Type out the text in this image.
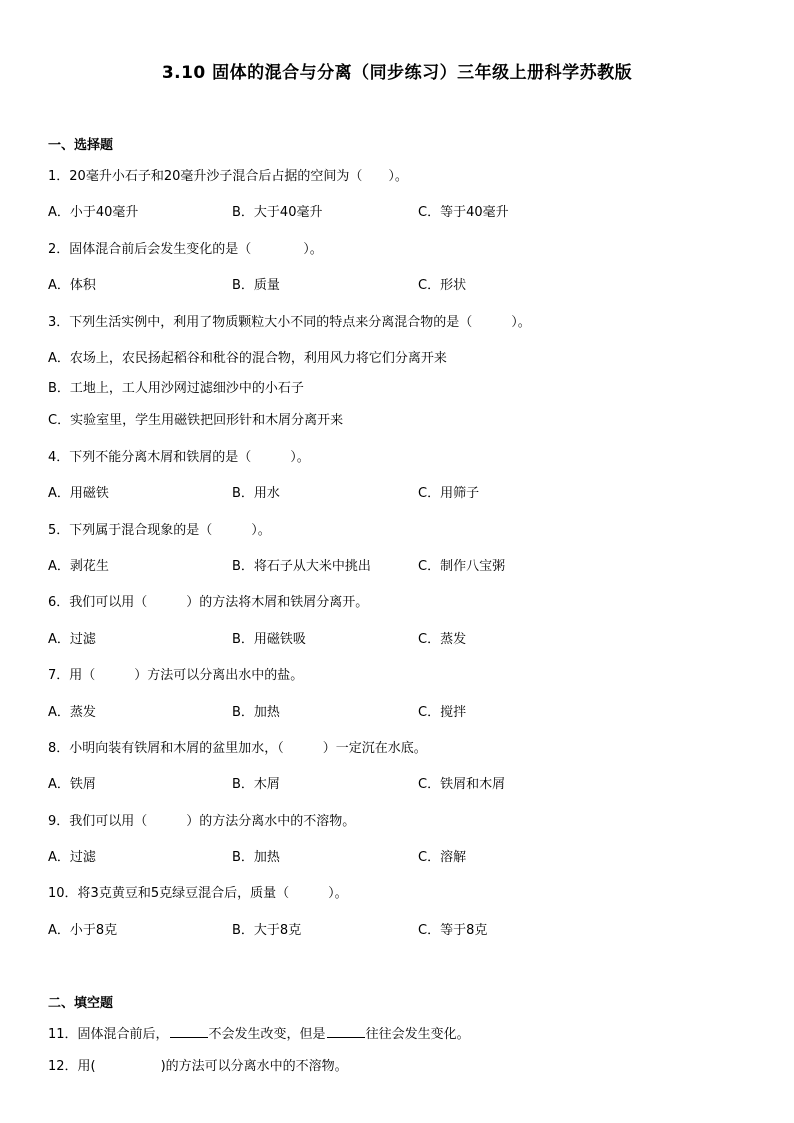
3.10 固体的混合与分离（同步练习）三年级上册科学苏教版
一、选择题
1．20毫升小石子和20毫升沙子混合后占据的空间为（　　）。
A．小于40毫升	B．大于40毫升	C．等于40毫升
2．固体混合前后会发生变化的是（　　　　）。
A．体积	B．质量	C．形状
3．下列生活实例中，利用了物质颗粒大小不同的特点来分离混合物的是（　　　）。
A．农场上，农民扬起稻谷和秕谷的混合物，利用风力将它们分离开来
B．工地上，工人用沙网过滤细沙中的小石子
C．实验室里，学生用磁铁把回形针和木屑分离开来
4．下列不能分离木屑和铁屑的是（　　　）。
A．用磁铁	B．用水	C．用筛子
5．下列属于混合现象的是（　　　）。
A．剥花生	B．将石子从大米中挑出	C．制作八宝粥
6．我们可以用（　　　）的方法将木屑和铁屑分离开。
A．过滤	B．用磁铁吸	C．蒸发
7．用（　　　）方法可以分离出水中的盐。
A．蒸发	B．加热	C．搅拌
8．小明向装有铁屑和木屑的盆里加水，（　　　）一定沉在水底。
A．铁屑	B．木屑	C．铁屑和木屑
9．我们可以用（　　　）的方法分离水中的不溶物。
A．过滤	B．加热	C．溶解
10．将3克黄豆和5克绿豆混合后，质量（　　　）。
A．小于8克	B．大于8克	C．等于8克
二、填空题
11．固体混合前后，	不会发生改变，但是	往往会发生变化。
12．用(　　　　　)的方法可以分离水中的不溶物。
